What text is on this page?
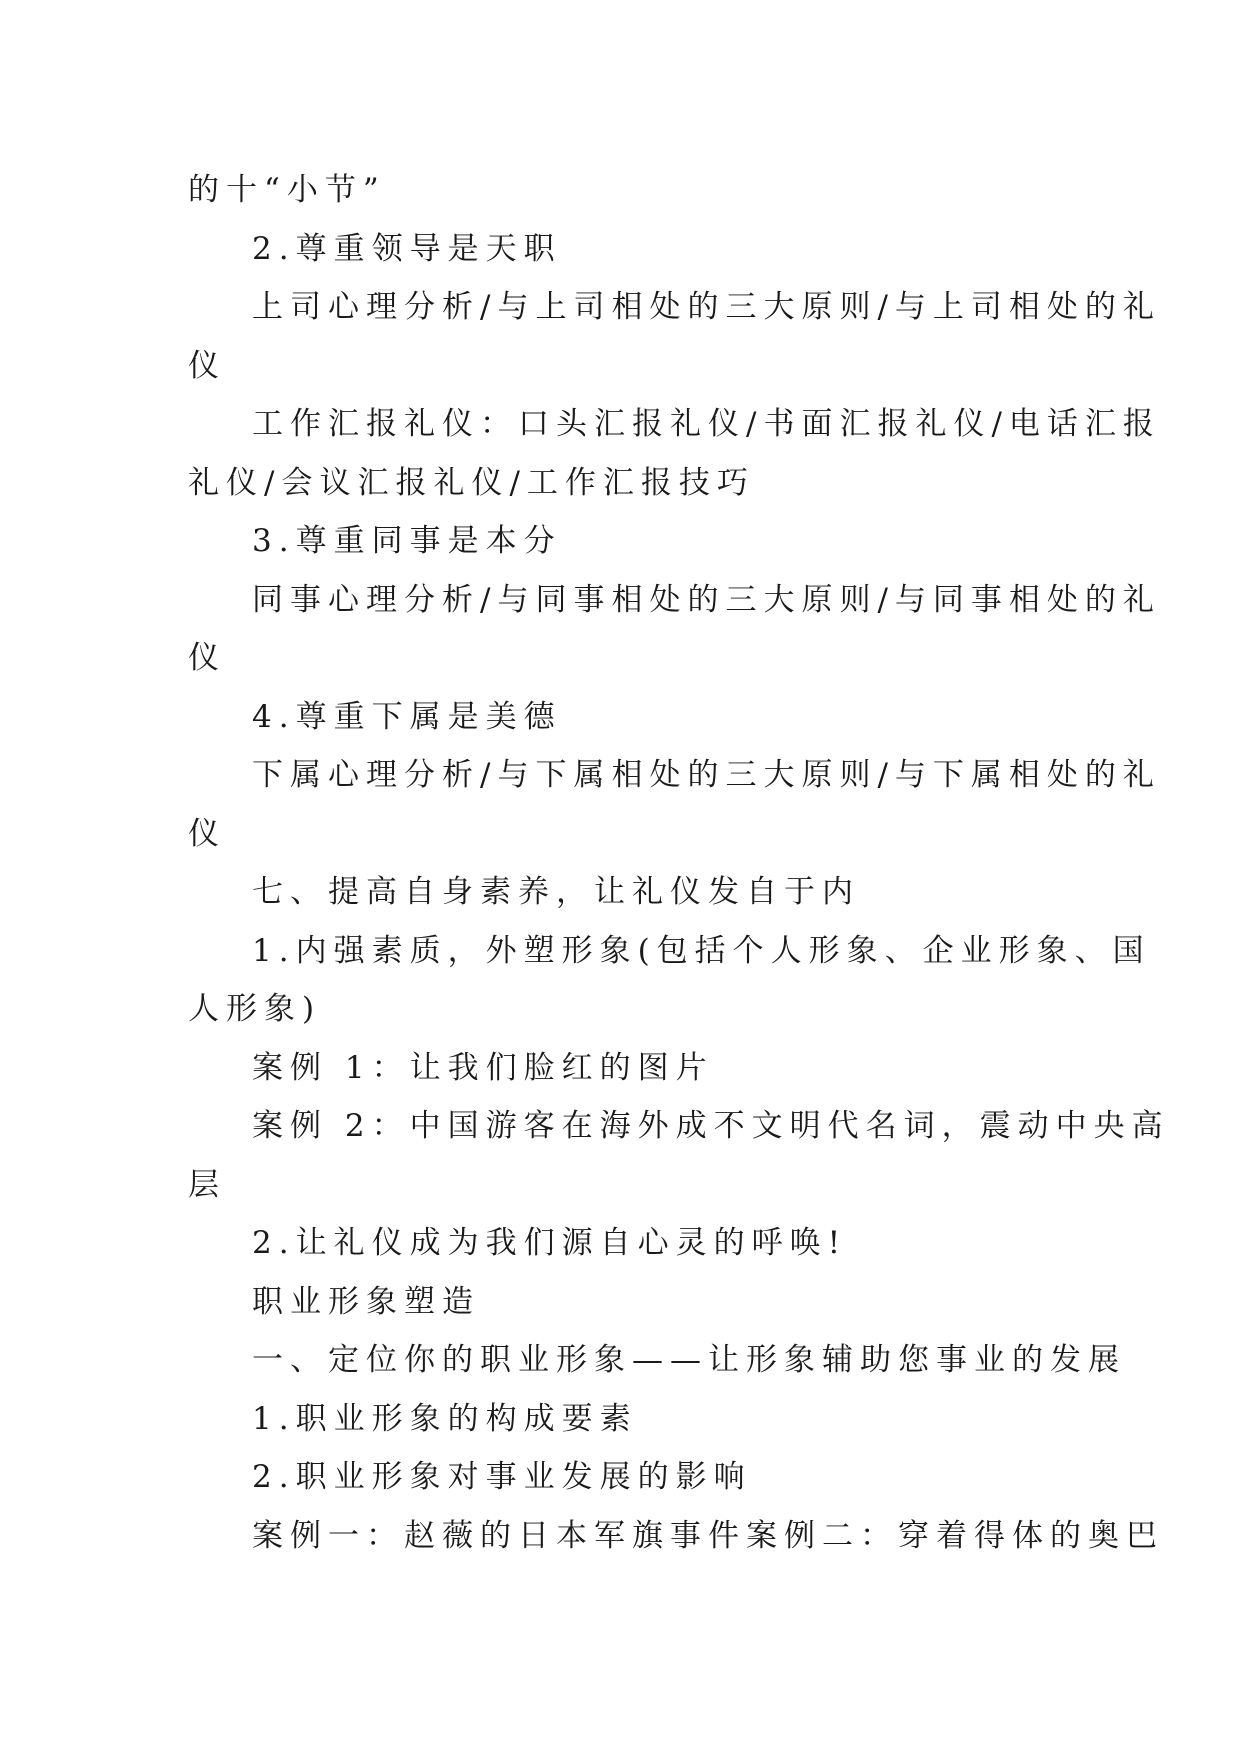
的十“小节”

2.尊重领导是天职

上司心理分析/与上司相处的三大原则/与上司相处的礼

仪

工作汇报礼仪：口头汇报礼仪/书面汇报礼仪/电话汇报

礼仪/会议汇报礼仪/工作汇报技巧

3.尊重同事是本分

同事心理分析/与同事相处的三大原则/与同事相处的礼

仪

4.尊重下属是美德

下属心理分析/与下属相处的三大原则/与下属相处的礼

仪

七、提高自身素养，让礼仪发自于内

1.内强素质，外塑形象(包括个人形象、企业形象、国

人形象)

案例 1：让我们脸红的图片

案例 2：中国游客在海外成不文明代名词，震动中央高

层

2.让礼仪成为我们源自心灵的呼唤!

职业形象塑造

一、定位你的职业形象——让形象辅助您事业的发展

1.职业形象的构成要素

2.职业形象对事业发展的影响

案例一：赵薇的日本军旗事件案例二：穿着得体的奥巴
